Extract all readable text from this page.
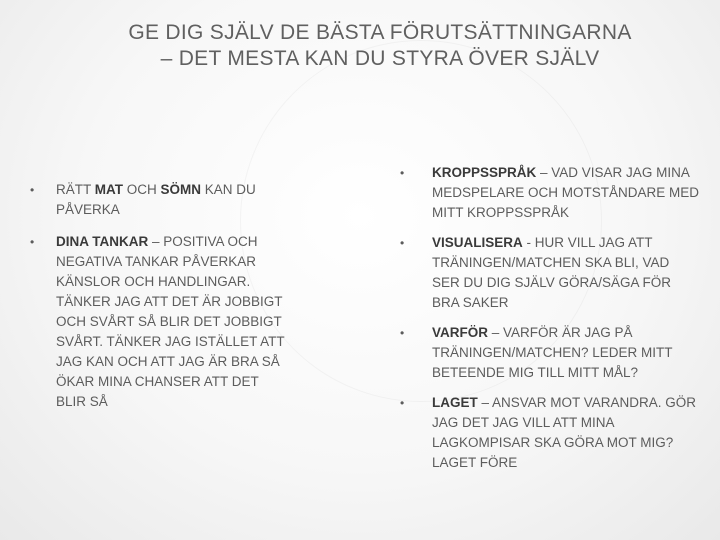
GE DIG SJÄLV DE BÄSTA FÖRUTSÄTTNINGARNA – DET MESTA KAN DU STYRA ÖVER SJÄLV
• RÄTT MAT OCH SÖMN KAN DU PÅVERKA
• DINA TANKAR – POSITIVA OCH NEGATIVA TANKAR PÅVERKAR KÄNSLOR OCH HANDLINGAR. TÄNKER JAG ATT DET ÄR JOBBIGT OCH SVÅRT SÅ BLIR DET JOBBIGT SVÅRT. TÄNKER JAG ISTÄLLET ATT JAG KAN OCH ATT JAG ÄR BRA SÅ ÖKAR MINA CHANSER ATT DET BLIR SÅ
• KROPPSSPRÅK – VAD VISAR JAG MINA MEDSPELARE OCH MOTSTÅNDARE MED MITT KROPPSSPRÅK
• VISUALISERA - HUR VILL JAG ATT TRÄNINGEN/MATCHEN SKA BLI, VAD SER DU DIG SJÄLV GÖRA/SÄGA FÖR BRA SAKER
• VARFÖR – VARFÖR ÄR JAG PÅ TRÄNINGEN/MATCHEN? LEDER MITT BETEENDE MIG TILL MITT MÅL?
• LAGET – ANSVAR MOT VARANDRA. GÖR JAG DET JAG VILL ATT MINA LAGKOMPISAR SKA GÖRA MOT MIG? LAGET FÖRE
